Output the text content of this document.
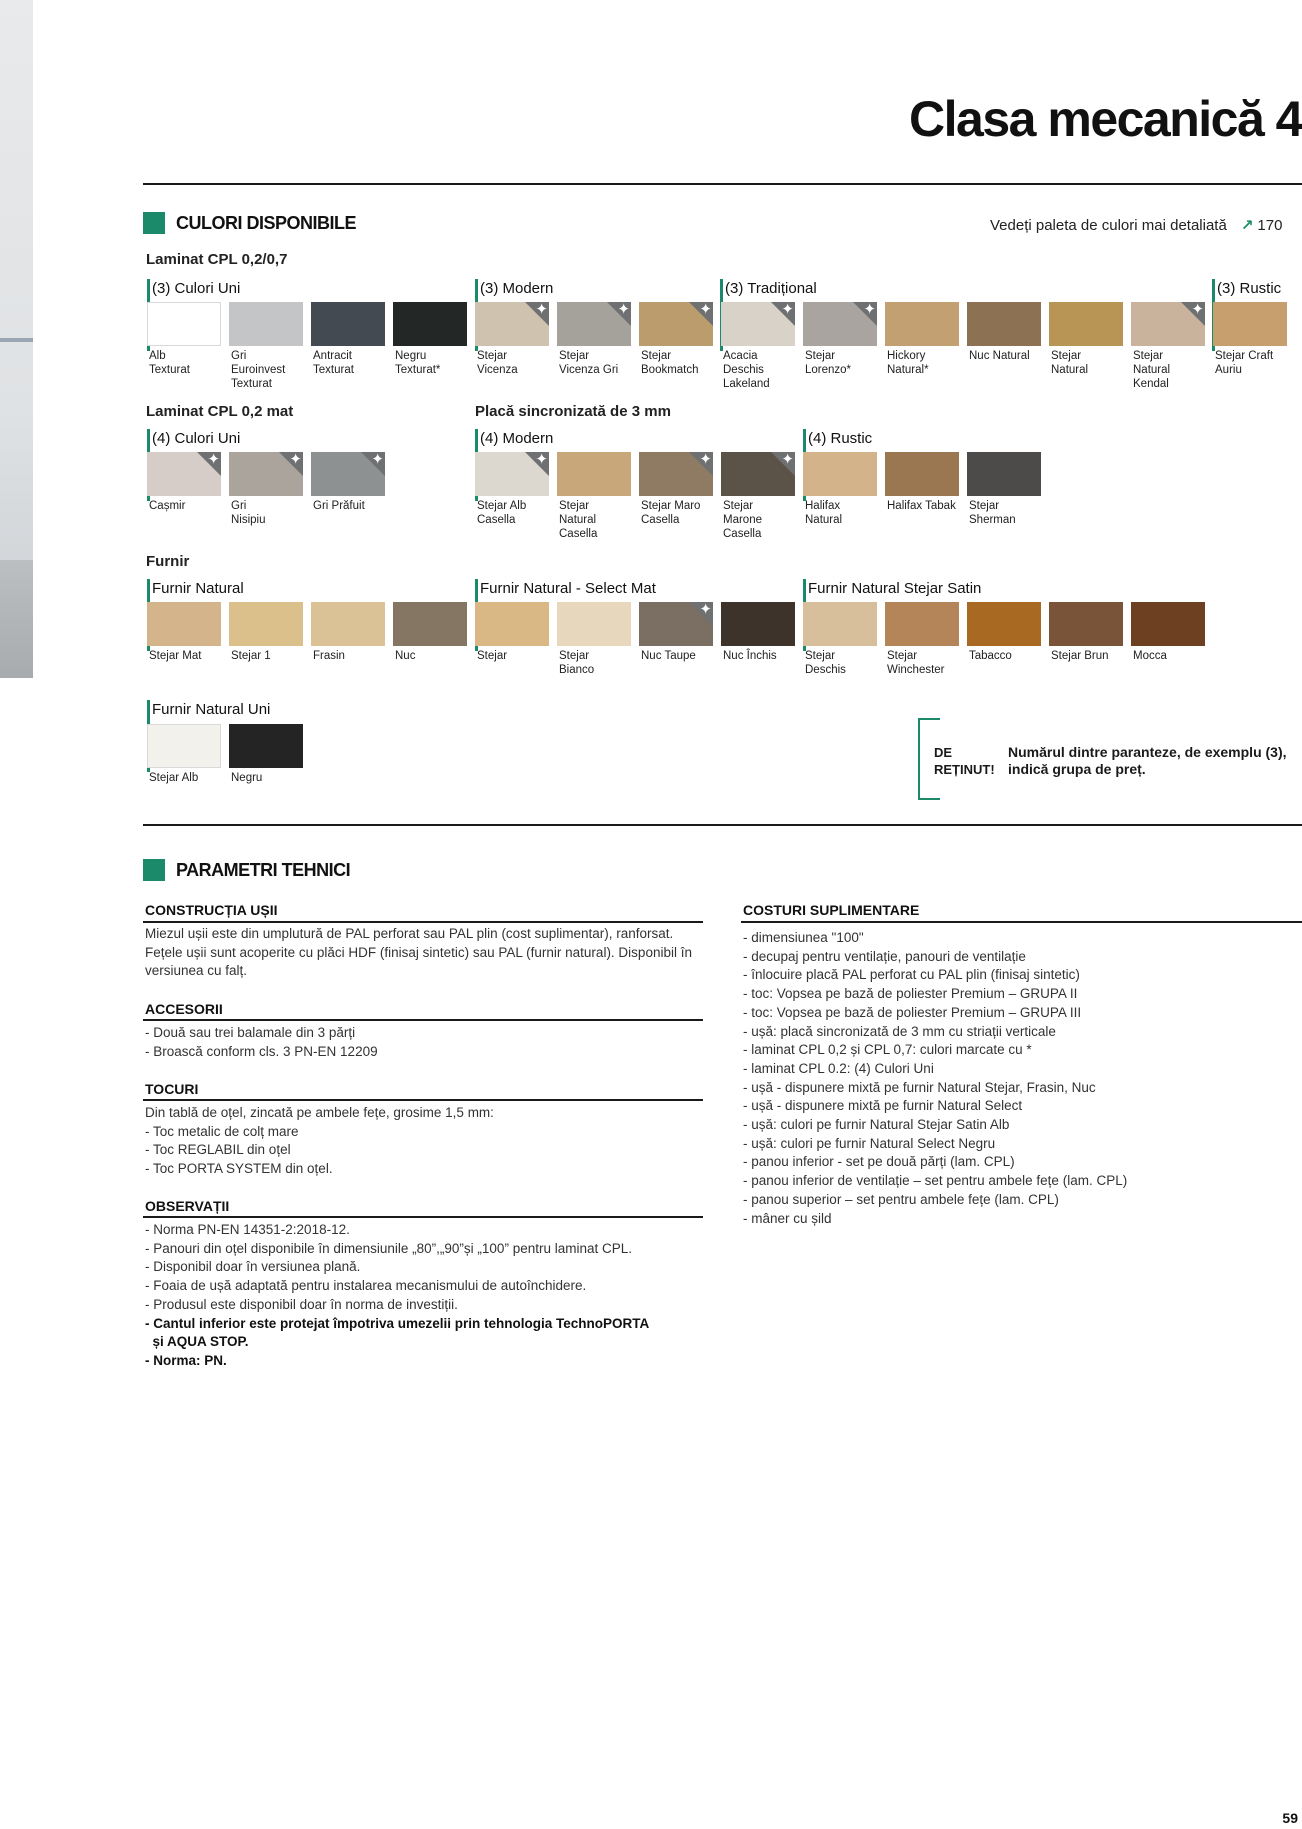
Clasa mecanică 4
CULORI DISPONIBILE	Vedeți paleta de culori mai detaliată ↗ 170
Laminat CPL 0,2/0,7
Laminat CPL 0,2 mat	Placă sincronizată de 3 mm
Furnir
(3) Culori Uni	(3) Modern	(3) Tradițional	(3) Rustic
(4) Culori Uni	(4) Modern	(4) Rustic
Furnir Natural	Furnir Natural - Select Mat	Furnir Natural Stejar Satin
Furnir Natural Uni
Alb
Texturat
Gri
Euroinvest
Texturat
Antracit
Texturat
Negru
Texturat*
✦
Stejar
Vicenza
✦
Stejar
Vicenza Gri
✦
Stejar
Bookmatch
✦
Acacia
Deschis
Lakeland
✦
Stejar
Lorenzo*
Hickory
Natural*
Nuc Natural	Stejar
Natural
✦
Stejar
Natural
Kendal
Stejar Craft
Auriu
✦
Cașmir
✦	Gri
Nisipiu
✦
Gri Prăfuit
✦	Stejar Alb
Casella
Stejar
Natural
Casella
✦
Stejar Maro
Casella
✦
Stejar
Marone
Casella
Halifax
Natural
Halifax Tabak	Stejar
Sherman
Stejar Mat	Stejar 1	Frasin	Nuc	Stejar	Stejar
Bianco
✦
Nuc Taupe	Nuc Închis	Stejar
Deschis
Stejar
Winchester
Tabacco	Stejar Brun	Mocca
Stejar Alb	Negru
DE
REȚINUT!
Numărul dintre paranteze, de exemplu (3), indică grupa de preț.
PARAMETRI TEHNICI
CONSTRUCȚIA UȘII
Miezul ușii este din umplutură de PAL perforat sau PAL plin (cost suplimentar), ranforsat. Fețele ușii sunt acoperite cu plăci HDF (finisaj sintetic) sau PAL (furnir natural). Disponibil în versiunea cu falț.
ACCESORII
- Două sau trei balamale din 3 părți
- Broască conform cls. 3 PN-EN 12209
TOCURI
Din tablă de oțel, zincată pe ambele fețe, grosime 1,5 mm:
- Toc metalic de colț mare
- Toc REGLABIL din oțel
- Toc PORTA SYSTEM din oțel.
OBSERVAȚII
- Norma PN-EN 14351-2:2018-12.
- Panouri din oțel disponibile în dimensiunile „80”,„90”și „100” pentru laminat CPL.
- Disponibil doar în versiunea plană.
- Foaia de ușă adaptată pentru instalarea mecanismului de autoînchidere.
- Produsul este disponibil doar în norma de investiții.
- Cantul inferior este protejat împotriva umezelii prin tehnologia TechnoPORTA
și AQUA STOP.
- Norma: PN.
COSTURI SUPLIMENTARE
- dimensiunea "100"
- decupaj pentru ventilație, panouri de ventilație
- înlocuire placă PAL perforat cu PAL plin (finisaj sintetic)
- toc: Vopsea pe bază de poliester Premium – GRUPA II
- toc: Vopsea pe bază de poliester Premium – GRUPA III
- ușă: placă sincronizată de 3 mm cu striații verticale
- laminat CPL 0,2 și CPL 0,7: culori marcate cu *
- laminat CPL 0.2: (4) Culori Uni
- ușă - dispunere mixtă pe furnir Natural Stejar, Frasin, Nuc
- ușă - dispunere mixtă pe furnir Natural Select
- ușă: culori pe furnir Natural Stejar Satin Alb
- ușă: culori pe furnir Natural Select Negru
- panou inferior - set pe două părți (lam. CPL)
- panou inferior de ventilație – set pentru ambele fețe (lam. CPL)
- panou superior – set pentru ambele fețe (lam. CPL)
- mâner cu șild
59
